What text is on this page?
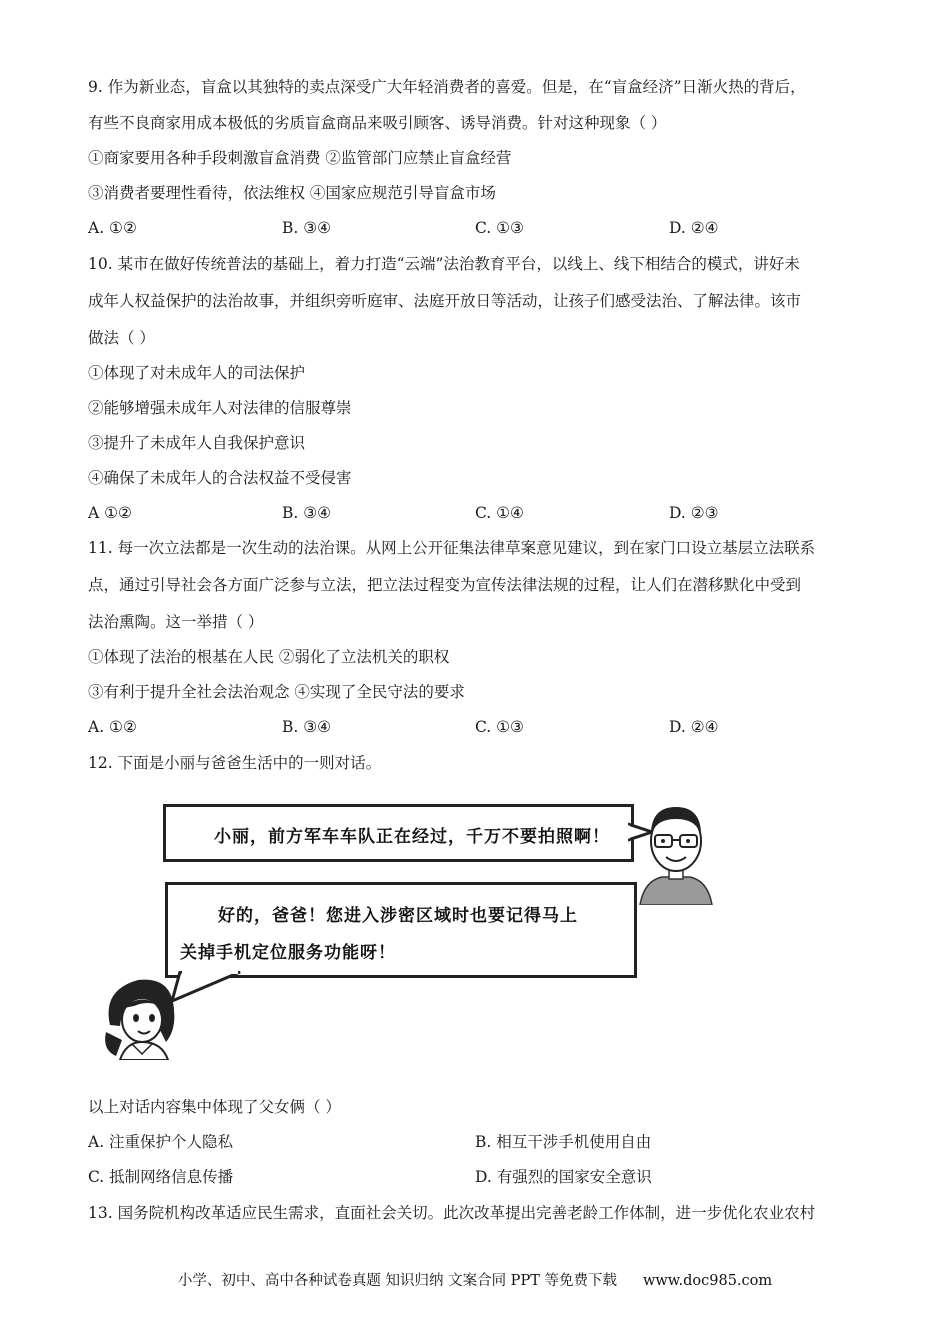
9. 作为新业态，盲盒以其独特的卖点深受广大年轻消费者的喜爱。但是，在“盲盒经济”日渐火热的背后，
有些不良商家用成本极低的劣质盲盒商品来吸引顾客、诱导消费。针对这种现象（ ）
①商家要用各种手段刺激盲盒消费 ②监管部门应禁止盲盒经营
③消费者要理性看待，依法维权 ④国家应规范引导盲盒市场
A. ①②	B. ③④	C. ①③	D. ②④
10. 某市在做好传统普法的基础上，着力打造“云端”法治教育平台，以线上、线下相结合的模式，讲好未
成年人权益保护的法治故事，并组织旁听庭审、法庭开放日等活动，让孩子们感受法治、了解法律。该市
做法（ ）
①体现了对未成年人的司法保护
②能够增强未成年人对法律的信服尊崇
③提升了未成年人自我保护意识
④确保了未成年人的合法权益不受侵害
A ①②	B. ③④	C. ①④	D. ②③
11. 每一次立法都是一次生动的法治课。从网上公开征集法律草案意见建议，到在家门口设立基层立法联系
点，通过引导社会各方面广泛参与立法，把立法过程变为宣传法律法规的过程，让人们在潜移默化中受到
法治熏陶。这一举措（ ）
①体现了法治的根基在人民 ②弱化了立法机关的职权
③有利于提升全社会法治观念 ④实现了全民守法的要求
A. ①②	B. ③④	C. ①③	D. ②④
12. 下面是小丽与爸爸生活中的一则对话。
小丽，前方军车车队正在经过，千万不要拍照啊！
好的，爸爸！您进入涉密区域时也要记得马上
关掉手机定位服务功能呀！
以上对话内容集中体现了父女俩（ ）
A. 注重保护个人隐私	B. 相互干涉手机使用自由
C. 抵制网络信息传播	D. 有强烈的国家安全意识
13. 国务院机构改革适应民生需求，直面社会关切。此次改革提出完善老龄工作体制，进一步优化农业农村
小学、初中、高中各种试卷真题 知识归纳 文案合同 PPT 等免费下载 www.doc985.com
